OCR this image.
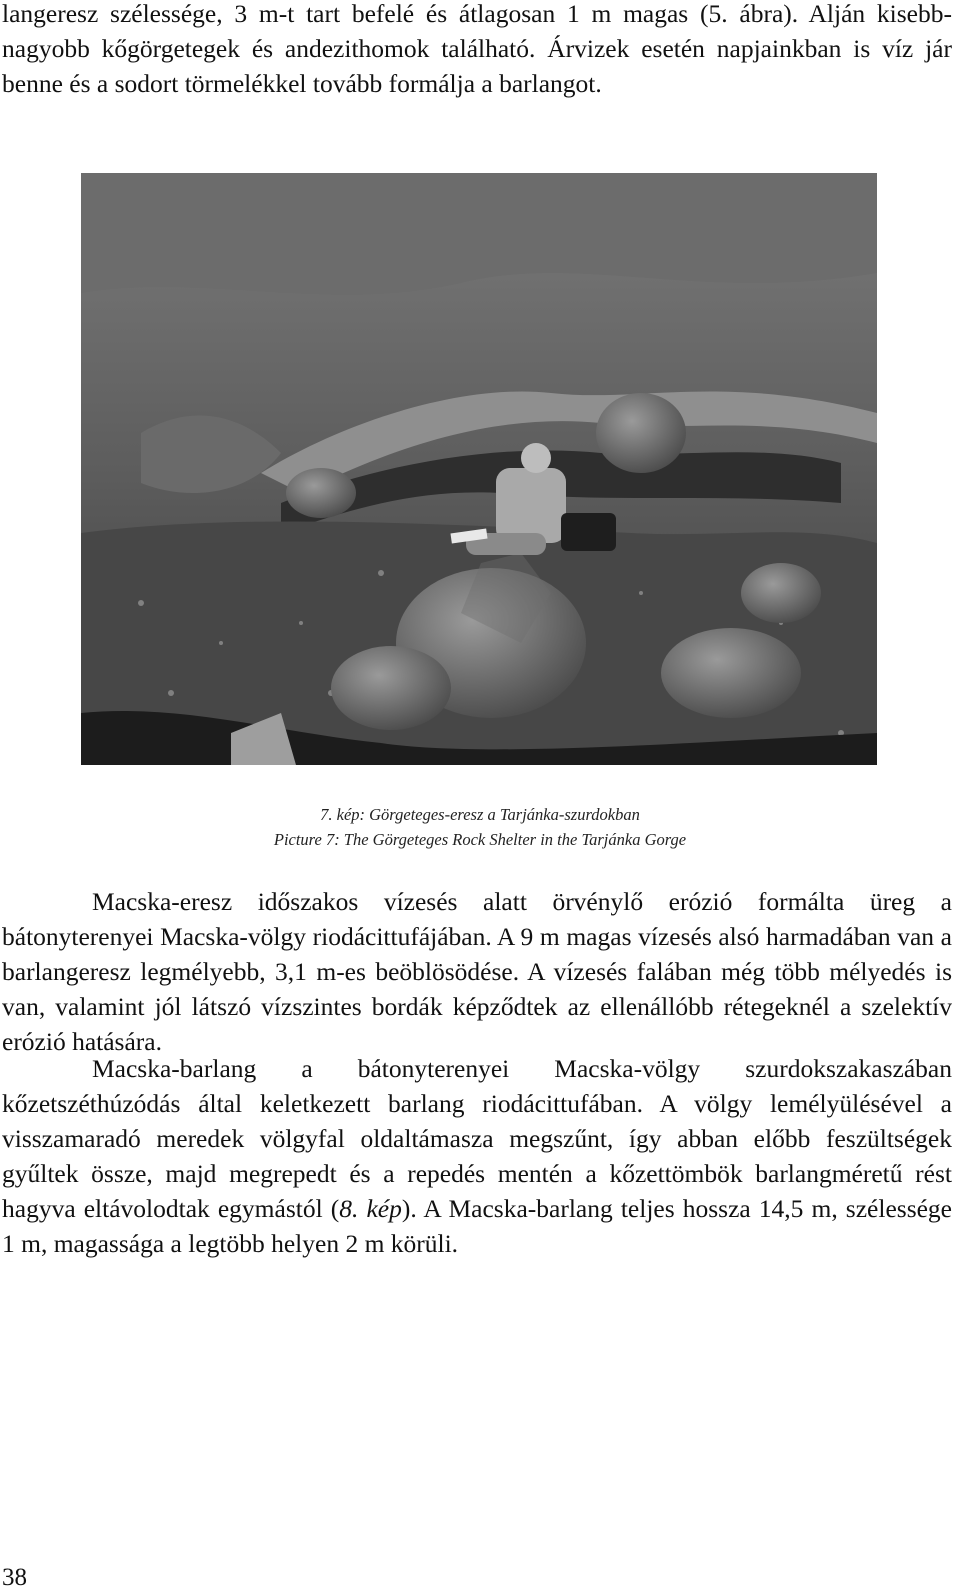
langeresz szélessége, 3 m-t tart befelé és átlagosan 1 m magas (5. ábra). Alján kisebb-nagyobb kőgörgetegek és andezithomok található. Árvizek esetén napjainkban is víz jár benne és a sodort törmelékkel tovább formálja a barlangot.

7. kép: Görgeteges-eresz a Tarjánka-szurdokban
Picture 7: The Görgeteges Rock Shelter in the Tarjánka Gorge

Macska-eresz időszakos vízesés alatt örvénylő erózió formálta üreg a bátonyterenyei Macska-völgy riodácittufájában. A 9 m magas vízesés alsó harmadában van a barlangeresz legmélyebb, 3,1 m-es beöblösödése. A vízesés falában még több mélyedés is van, valamint jól látszó vízszintes bordák képződtek az ellenállóbb rétegeknél a szelektív erózió hatására.

Macska-barlang a bátonyterenyei Macska-völgy szurdokszakaszában kőzetszéthúzódás által keletkezett barlang riodácittufában. A völgy lemélyülésével a visszamaradó meredek völgyfal oldaltámasza megszűnt, így abban előbb feszültségek gyűltek össze, majd megrepedt és a repedés mentén a kőzettömbök barlangméretű rést hagyva eltávolodtak egymástól (8. kép). A Macska-barlang teljes hossza 14,5 m, szélessége 1 m, magassága a legtöbb helyen 2 m körüli.

38
